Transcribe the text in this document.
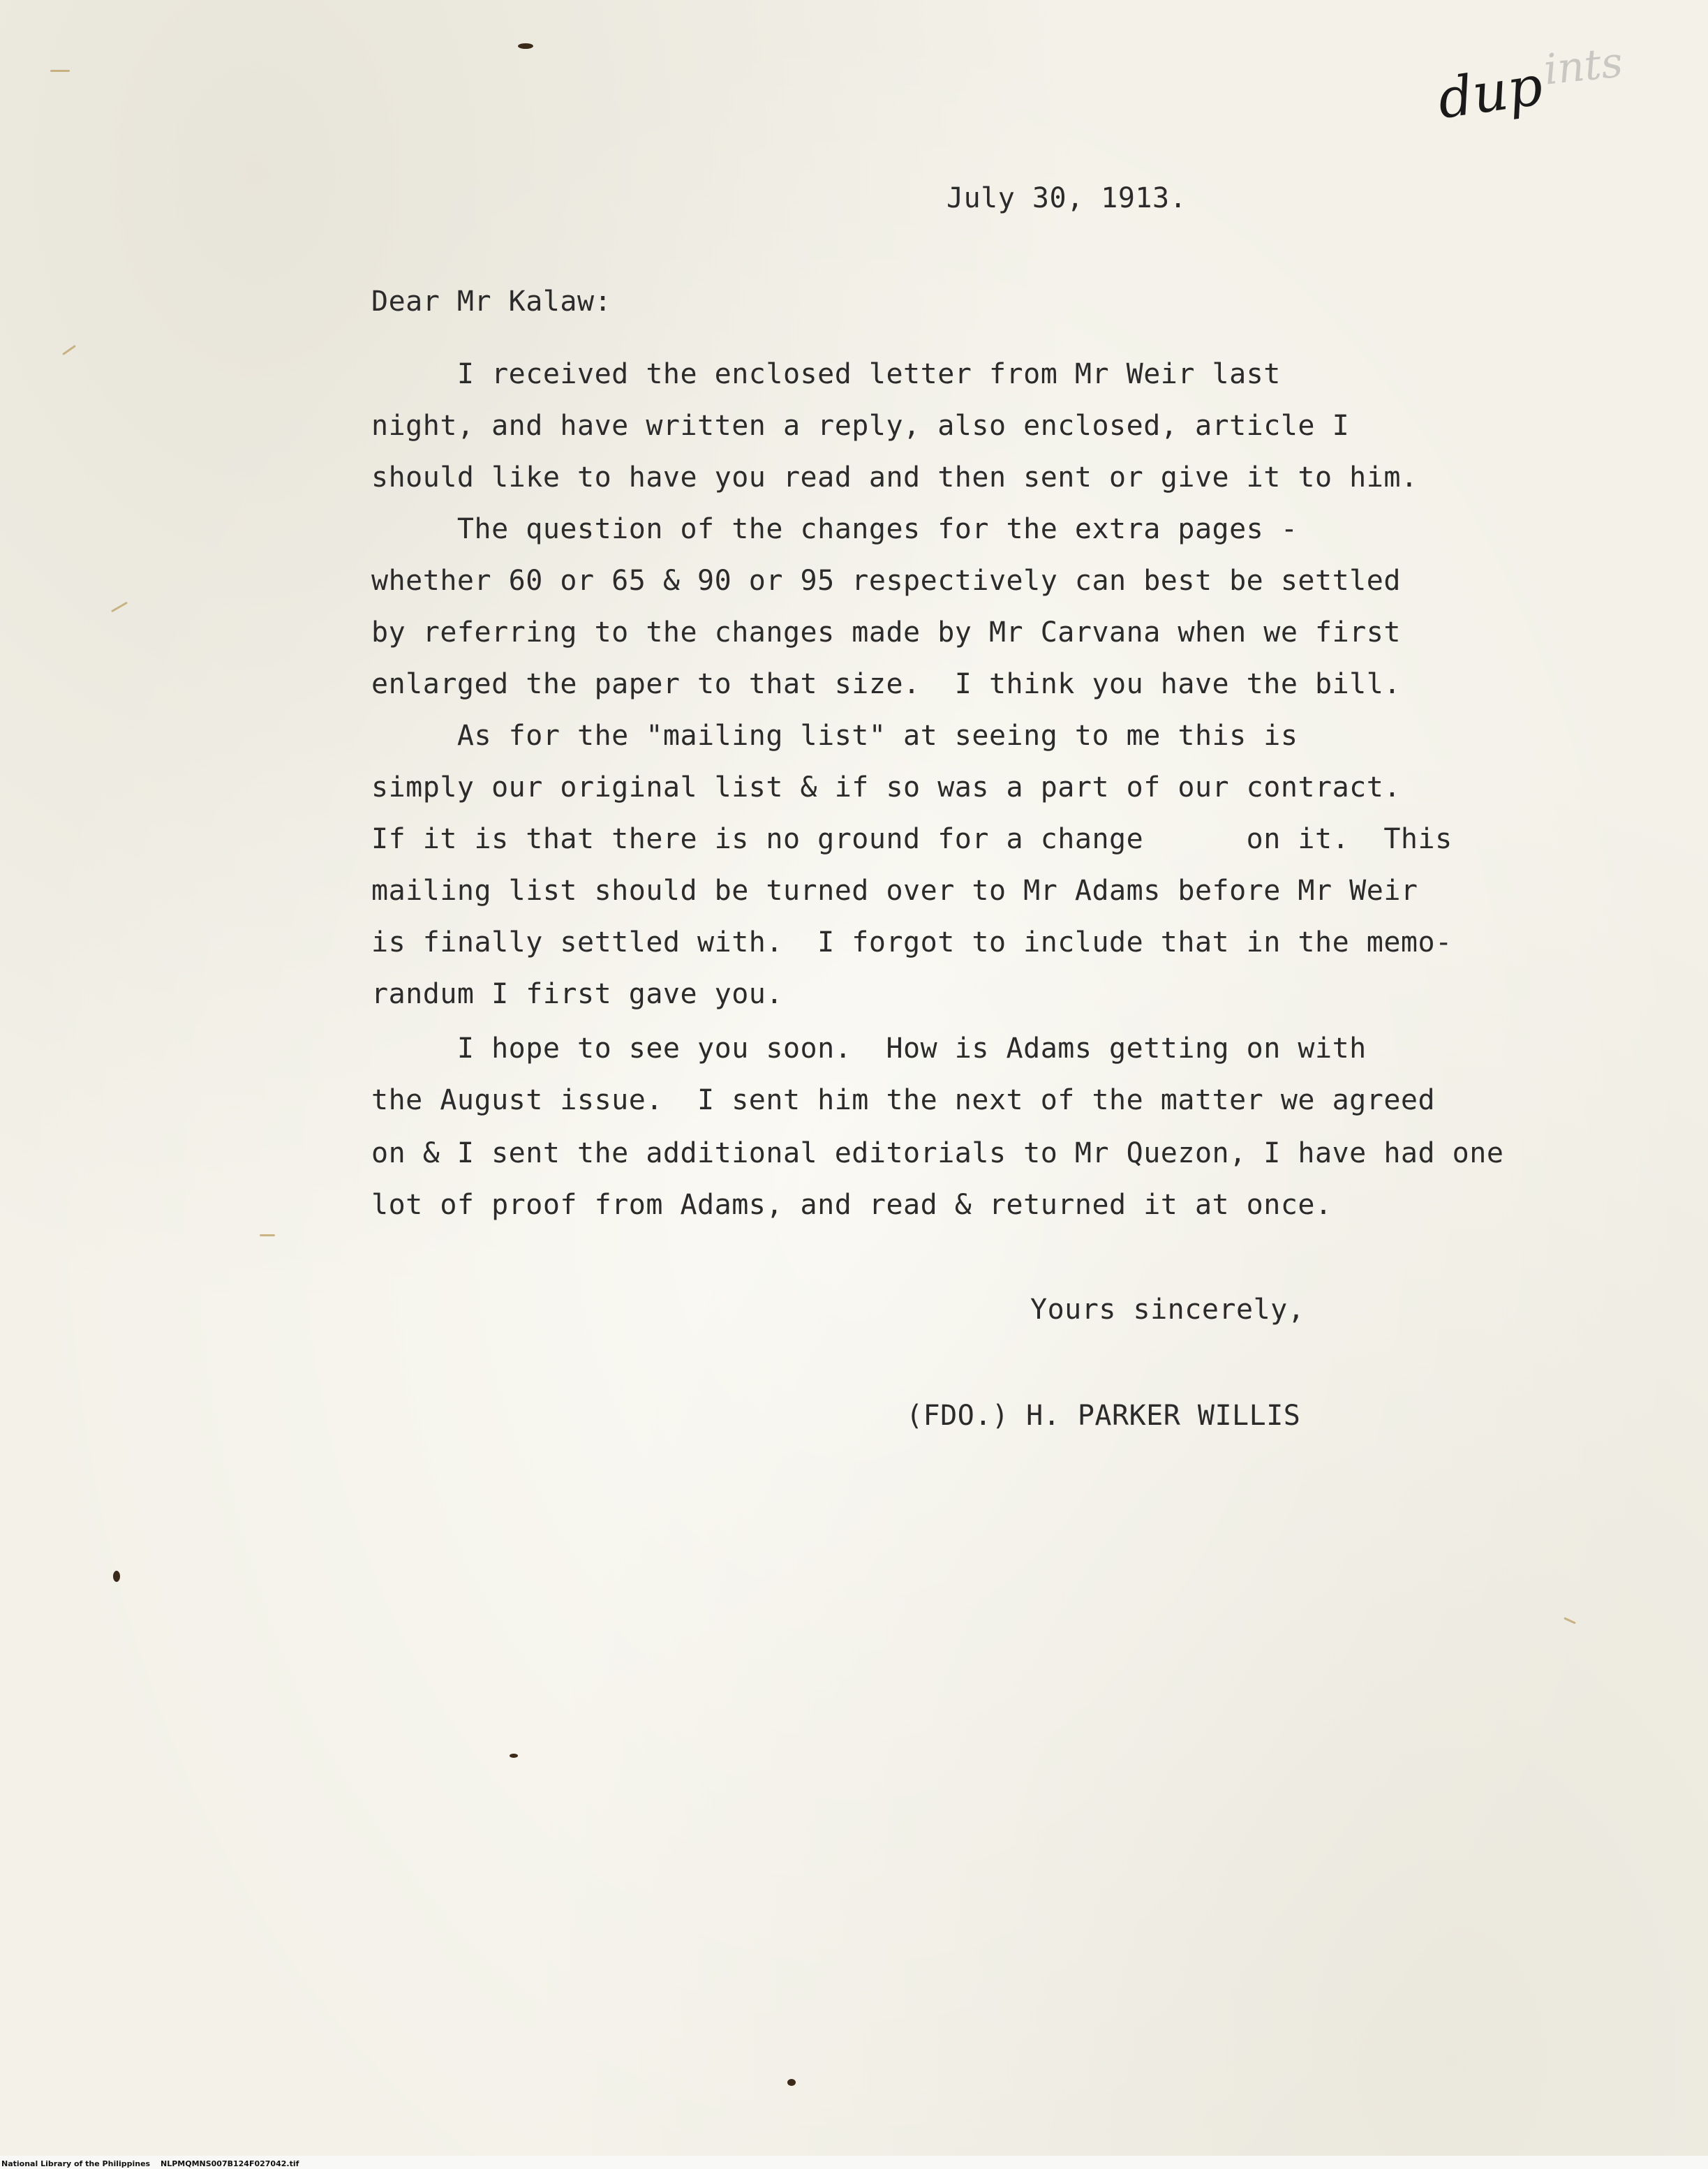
dup
ints
July 30, 1913.
Dear Mr Kalaw:
I received the enclosed letter from Mr Weir last
night, and have written a reply, also enclosed, article I
should like to have you read and then sent or give it to him.
The question of the changes for the extra pages -
whether 60 or 65 & 90 or 95 respectively can best be settled
by referring to the changes made by Mr Carvana when we first
enlarged the paper to that size.  I think you have the bill.
As for the "mailing list" at seeing to me this is
simply our original list & if so was a part of our contract.
If it is that there is no ground for a change      on it.  This
mailing list should be turned over to Mr Adams before Mr Weir
is finally settled with.  I forgot to include that in the memo-
randum I first gave you.
I hope to see you soon.  How is Adams getting on with
the August issue.  I sent him the next of the matter we agreed
on & I sent the additional editorials to Mr Quezon, I have had one
lot of proof from Adams, and read & returned it at once.
Yours sincerely,
(FDO.) H. PARKER WILLIS
National Library of the Philippines NLPMQMNS007B124F027042.tif
